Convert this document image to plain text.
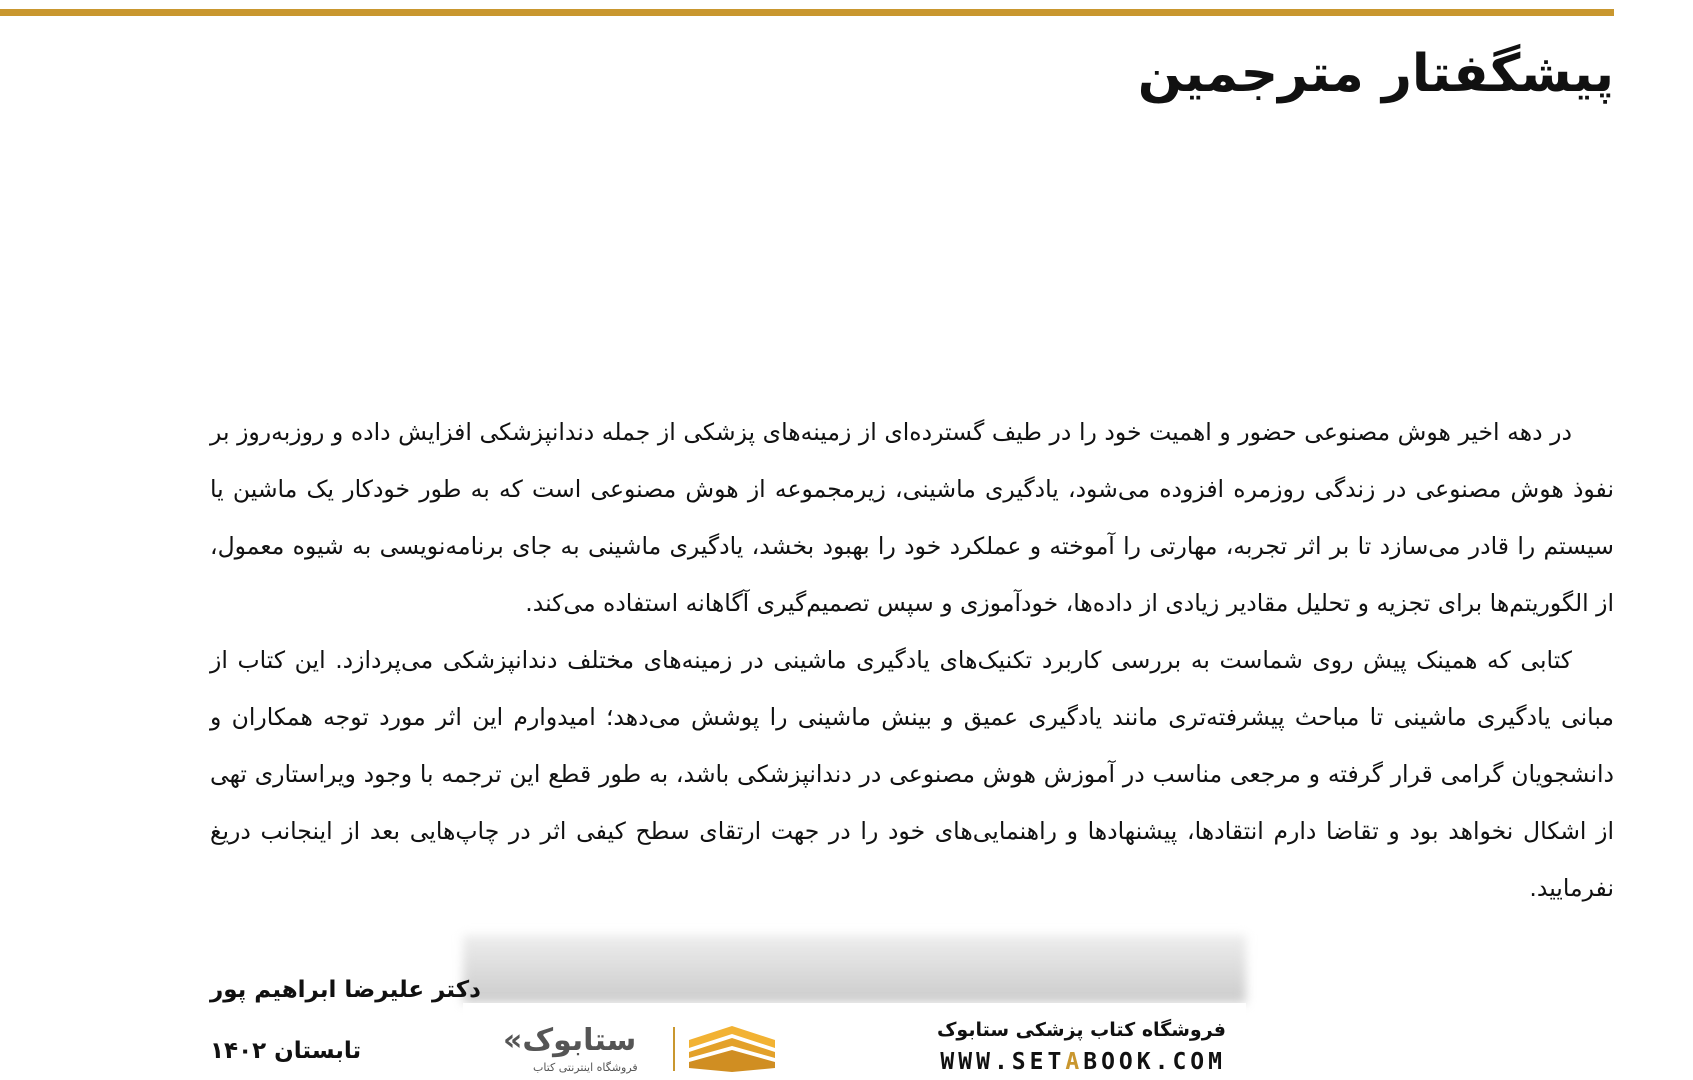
پیشگفتار مترجمین

در دهه اخیر هوش مصنوعی حضور و اهمیت خود را در طیف گسترده‌ای از زمینه‌های پزشکی از جمله دندانپزشکی افزایش داده و روزبه‌روز بر نفوذ هوش مصنوعی در زندگی روزمره افزوده می‌شود، یادگیری ماشینی، زیرمجموعه از هوش مصنوعی است که به طور خودکار یک ماشین یا سیستم را قادر می‌سازد تا بر اثر تجربه، مهارتی را آموخته و عملکرد خود را بهبود بخشد، یادگیری ماشینی به جای برنامه‌نویسی به شیوه معمول، از الگوریتم‌ها برای تجزیه و تحلیل مقادیر زیادی از داده‌ها، خودآموزی و سپس تصمیم‌گیری آگاهانه استفاده می‌کند.

کتابی که همینک پیش روی شماست به بررسی کاربرد تکنیک‌های یادگیری ماشینی در زمینه‌های مختلف دندانپزشکی می‌پردازد. این کتاب از مبانی یادگیری ماشینی تا مباحث پیشرفته‌تری مانند یادگیری عمیق و بینش ماشینی را پوشش می‌دهد؛ امیدوارم این اثر مورد توجه همکاران و دانشجویان گرامی قرار گرفته و مرجعی مناسب در آموزش هوش مصنوعی در دندانپزشکی باشد، به طور قطع این ترجمه با وجود ویراستاری تهی از اشکال نخواهد بود و تقاضا دارم انتقادها، پیشنهادها و راهنمایی‌های خود را در جهت ارتقای سطح کیفی اثر در چاپ‌هایی بعد از اینجانب دریغ نفرمایید.

دکتر علیرضا ابراهیم پور
تابستان ۱۴۰۲	«ستابوک
فروشگاه اینترنتی کتاب
فروشگاه کتاب پزشکی ستابوک
WWW.SETABOOK.COM
